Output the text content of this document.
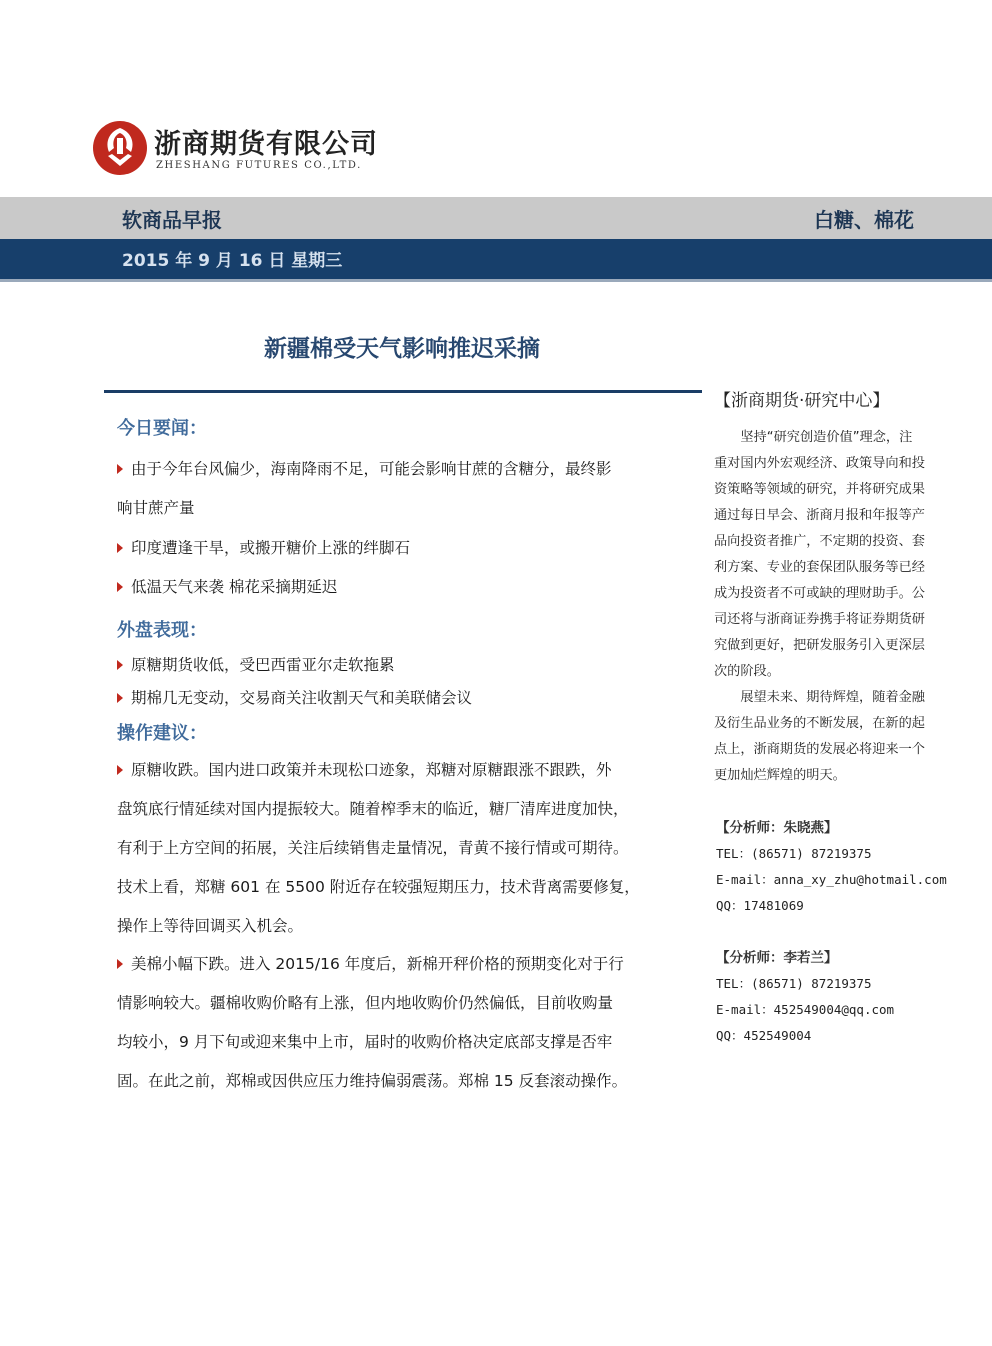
浙商期货有限公司
ZHESHANG FUTURES CO.,LTD.
软商品早报	白糖、棉花
2015 年 9 月 16 日 星期三
新疆棉受天气影响推迟采摘
今日要闻：
由于今年台风偏少，海南降雨不足，可能会影响甘蔗的含糖分，最终影
响甘蔗产量
印度遭逢干旱，或搬开糖价上涨的绊脚石
低温天气来袭 棉花采摘期延迟
外盘表现：
原糖期货收低，受巴西雷亚尔走软拖累
期棉几无变动，交易商关注收割天气和美联储会议
操作建议：
原糖收跌。国内进口政策并未现松口迹象，郑糖对原糖跟涨不跟跌，外
盘筑底行情延续对国内提振较大。随着榨季末的临近，糖厂清库进度加快，
有利于上方空间的拓展，关注后续销售走量情况，青黄不接行情或可期待。
技术上看，郑糖 601 在 5500 附近存在较强短期压力，技术背离需要修复，
操作上等待回调买入机会。
美棉小幅下跌。进入 2015/16 年度后，新棉开秤价格的预期变化对于行
情影响较大。疆棉收购价略有上涨，但内地收购价仍然偏低，目前收购量
均较小，9 月下旬或迎来集中上市，届时的收购价格决定底部支撑是否牢
固。在此之前，郑棉或因供应压力维持偏弱震荡。郑棉 15 反套滚动操作。
【浙商期货·研究中心】
　　坚持“研究创造价值”理念，注
重对国内外宏观经济、政策导向和投
资策略等领域的研究，并将研究成果
通过每日早会、浙商月报和年报等产
品向投资者推广，不定期的投资、套
利方案、专业的套保团队服务等已经
成为投资者不可或缺的理财助手。公
司还将与浙商证券携手将证券期货研
究做到更好，把研发服务引入更深层
次的阶段。
　　展望未来、期待辉煌，随着金融
及衍生品业务的不断发展，在新的起
点上，浙商期货的发展必将迎来一个
更加灿烂辉煌的明天。
【分析师：朱晓燕】
TEL：(86571) 87219375
E-mail：anna_xy_zhu@hotmail.com
QQ：17481069
【分析师：李若兰】
TEL：(86571) 87219375
E-mail：452549004@qq.com
QQ：452549004
